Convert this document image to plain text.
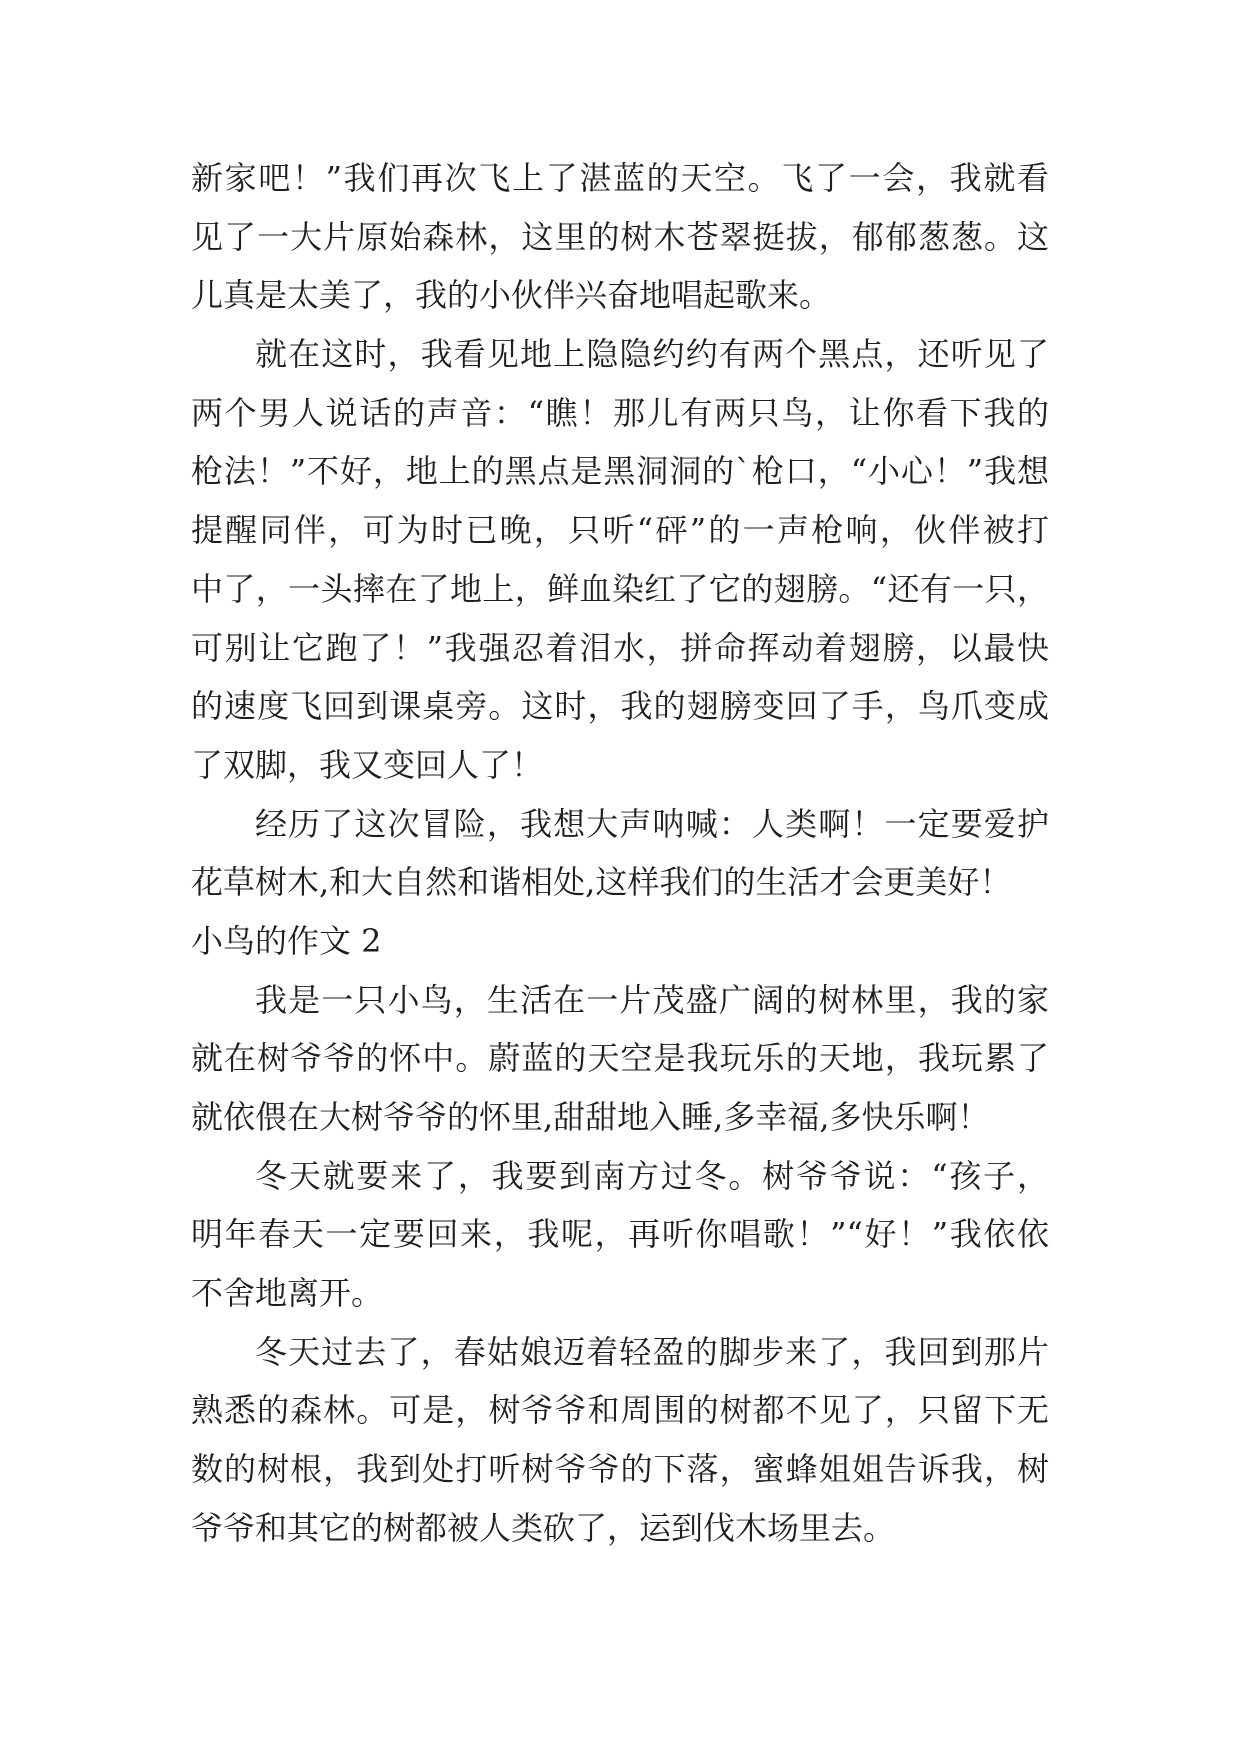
新家吧！”我们再次飞上了湛蓝的天空。飞了一会，我就看
见了一大片原始森林，这里的树木苍翠挺拔，郁郁葱葱。这
儿真是太美了，我的小伙伴兴奋地唱起歌来。
就在这时，我看见地上隐隐约约有两个黑点，还听见了
两个男人说话的声音：“瞧！那儿有两只鸟，让你看下我的
枪法！”不好，地上的黑点是黑洞洞的`枪口，“小心！”我想
提醒同伴，可为时已晚，只听“砰”的一声枪响，伙伴被打
中了，一头摔在了地上，鲜血染红了它的翅膀。“还有一只，
可别让它跑了！”我强忍着泪水，拼命挥动着翅膀，以最快
的速度飞回到课桌旁。这时，我的翅膀变回了手，鸟爪变成
了双脚，我又变回人了！
经历了这次冒险，我想大声呐喊：人类啊！一定要爱护
花草树木,和大自然和谐相处,这样我们的生活才会更美好！
小鸟的作文 2
我是一只小鸟，生活在一片茂盛广阔的树林里，我的家
就在树爷爷的怀中。蔚蓝的天空是我玩乐的天地，我玩累了
就依偎在大树爷爷的怀里,甜甜地入睡,多幸福,多快乐啊！
冬天就要来了，我要到南方过冬。树爷爷说：“孩子，
明年春天一定要回来，我呢，再听你唱歌！”“好！”我依依
不舍地离开。
冬天过去了，春姑娘迈着轻盈的脚步来了，我回到那片
熟悉的森林。可是，树爷爷和周围的树都不见了，只留下无
数的树根，我到处打听树爷爷的下落，蜜蜂姐姐告诉我，树
爷爷和其它的树都被人类砍了，运到伐木场里去。
